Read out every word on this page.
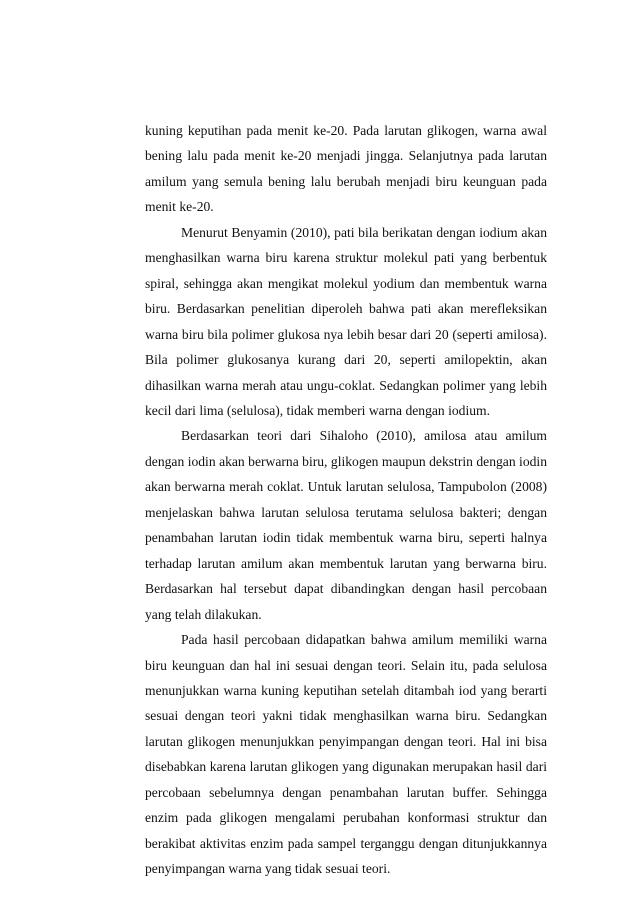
kuning keputihan pada menit ke-20. Pada larutan glikogen, warna awal bening lalu pada menit ke-20 menjadi jingga. Selanjutnya pada larutan amilum yang semula bening lalu berubah menjadi biru keunguan pada menit ke-20.

Menurut Benyamin (2010), pati bila berikatan dengan iodium akan menghasilkan warna biru karena struktur molekul pati yang berbentuk spiral, sehingga akan mengikat molekul yodium dan membentuk warna biru. Berdasarkan penelitian diperoleh bahwa pati akan merefleksikan warna biru bila polimer glukosa nya lebih besar dari 20 (seperti amilosa). Bila polimer glukosanya kurang dari 20, seperti amilopektin, akan dihasilkan warna merah atau ungu-coklat. Sedangkan polimer yang lebih kecil dari lima (selulosa), tidak memberi warna dengan iodium.

Berdasarkan teori dari Sihaloho (2010), amilosa atau amilum dengan iodin akan berwarna biru, glikogen maupun dekstrin dengan iodin akan berwarna merah coklat. Untuk larutan selulosa, Tampubolon (2008) menjelaskan bahwa larutan selulosa terutama selulosa bakteri; dengan penambahan larutan iodin tidak membentuk warna biru, seperti halnya terhadap larutan amilum akan membentuk larutan yang berwarna biru. Berdasarkan hal tersebut dapat dibandingkan dengan hasil percobaan yang telah dilakukan.

Pada hasil percobaan didapatkan bahwa amilum memiliki warna biru keunguan dan hal ini sesuai dengan teori. Selain itu, pada selulosa menunjukkan warna kuning keputihan setelah ditambah iod yang berarti sesuai dengan teori yakni tidak menghasilkan warna biru. Sedangkan larutan glikogen menunjukkan penyimpangan dengan teori. Hal ini bisa disebabkan karena larutan glikogen yang digunakan merupakan hasil dari percobaan sebelumnya dengan penambahan larutan buffer. Sehingga enzim pada glikogen mengalami perubahan konformasi struktur dan berakibat aktivitas enzim pada sampel terganggu dengan ditunjukkannya penyimpangan warna yang tidak sesuai teori.
